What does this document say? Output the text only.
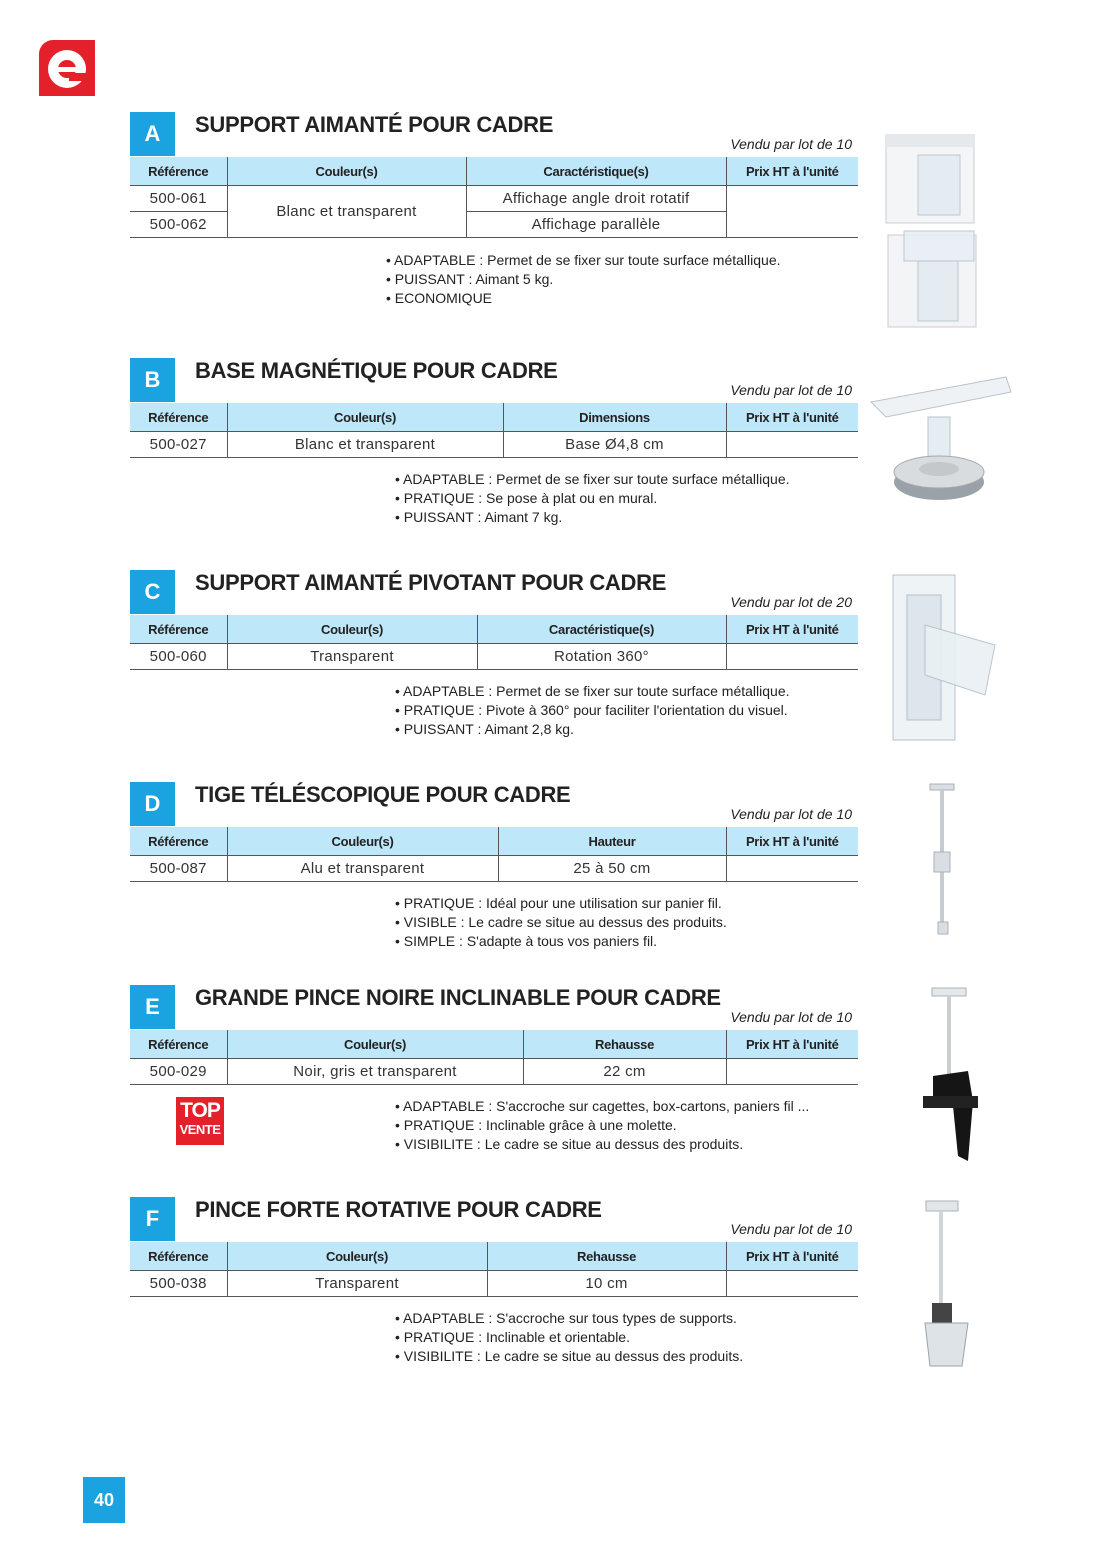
A	SUPPORT AIMANTÉ POUR CADRE
Vendu par lot de 10
Référence	Couleur(s)	Caractéristique(s)	Prix HT à l'unité
500-061	Blanc et transparent	Affichage angle droit rotatif	
500-062		Affichage parallèle	
• ADAPTABLE : Permet de se fixer sur toute surface métallique.
• PUISSANT : Aimant 5 kg.
• ECONOMIQUE
B	BASE MAGNÉTIQUE POUR CADRE
Vendu par lot de 10
Référence	Couleur(s)	Dimensions	Prix HT à l'unité
500-027	Blanc et transparent	Base Ø4,8 cm	
• ADAPTABLE : Permet de se fixer sur toute surface métallique.
• PRATIQUE : Se pose à plat ou en mural.
• PUISSANT : Aimant 7 kg.
C	SUPPORT AIMANTÉ PIVOTANT POUR CADRE
Vendu par lot de 20
Référence	Couleur(s)	Caractéristique(s)	Prix HT à l'unité
500-060	Transparent	Rotation 360°	
• ADAPTABLE : Permet de se fixer sur toute surface métallique.
• PRATIQUE : Pivote à 360° pour faciliter l'orientation du visuel.
• PUISSANT : Aimant 2,8 kg.
D	TIGE TÉLÉSCOPIQUE POUR CADRE
Vendu par lot de 10
Référence	Couleur(s)	Hauteur	Prix HT à l'unité
500-087	Alu et transparent	25 à 50 cm	
• PRATIQUE : Idéal pour une utilisation sur panier fil.
• VISIBLE : Le cadre se situe au dessus des produits.
• SIMPLE : S'adapte à tous vos paniers fil.
E	GRANDE PINCE NOIRE INCLINABLE POUR CADRE
Vendu par lot de 10
Référence	Couleur(s)	Rehausse	Prix HT à l'unité
500-029	Noir, gris et transparent	22 cm	
• ADAPTABLE : S'accroche sur cagettes, box-cartons, paniers fil ...
• PRATIQUE : Inclinable grâce à une molette.
• VISIBILITE : Le cadre se situe au dessus des produits.
TOP
VENTE
F	PINCE FORTE ROTATIVE POUR CADRE
Vendu par lot de 10
Référence	Couleur(s)	Rehausse	Prix HT à l'unité
500-038	Transparent	10 cm	
• ADAPTABLE : S'accroche sur tous types de supports.
• PRATIQUE : Inclinable et orientable.
• VISIBILITE : Le cadre se situe au dessus des produits.
40
